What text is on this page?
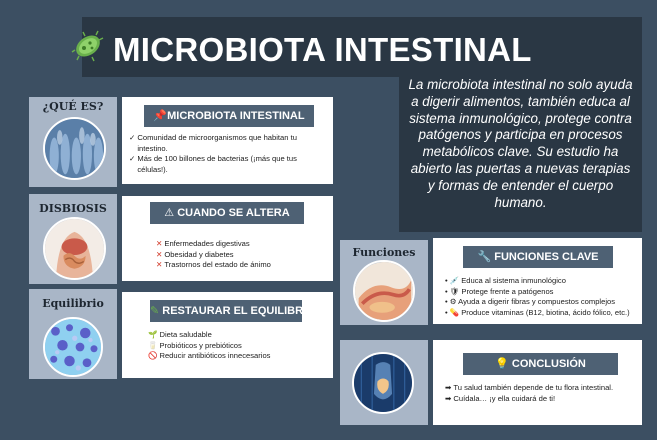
MICROBIOTA INTESTINAL
La microbiota intestinal no solo ayuda a digerir alimentos, también educa al sistema inmunológico, protege contra patógenos y participa en procesos metabólicos clave. Su estudio ha abierto las puertas a nuevas terapias y formas de entender el cuerpo humano.
¿QUÉ ES?
📌MICROBIOTA INTESTINAL
✓ Comunidad de microorganismos que habitan tu intestino.
✓ Más de 100 billones de bacterias (¡más que tus células!).
DISBIOSIS	⚠ CUANDO SE ALTERA
✕ Enfermedades digestivas
✕ Obesidad y diabetes
✕ Trastornos del estado de ánimo
Equilibrio
✎ RESTAURAR EL EQUILIBRIO
🌱 Dieta saludable
🥛 Probióticos y prebióticos
🚫 Reducir antibióticos innecesarios
Funciones	🔧 FUNCIONES CLAVE
• 💉 Educa al sistema inmunológico
• 🛡 Protege frente a patógenos
• ⚙ Ayuda a digerir fibras y compuestos complejos
• 💊 Produce vitaminas (B12, biotina, ácido fólico, etc.)
💡 CONCLUSIÓN
➡ Tu salud también depende de tu flora intestinal.
➡ Cuídala… ¡y ella cuidará de ti!
